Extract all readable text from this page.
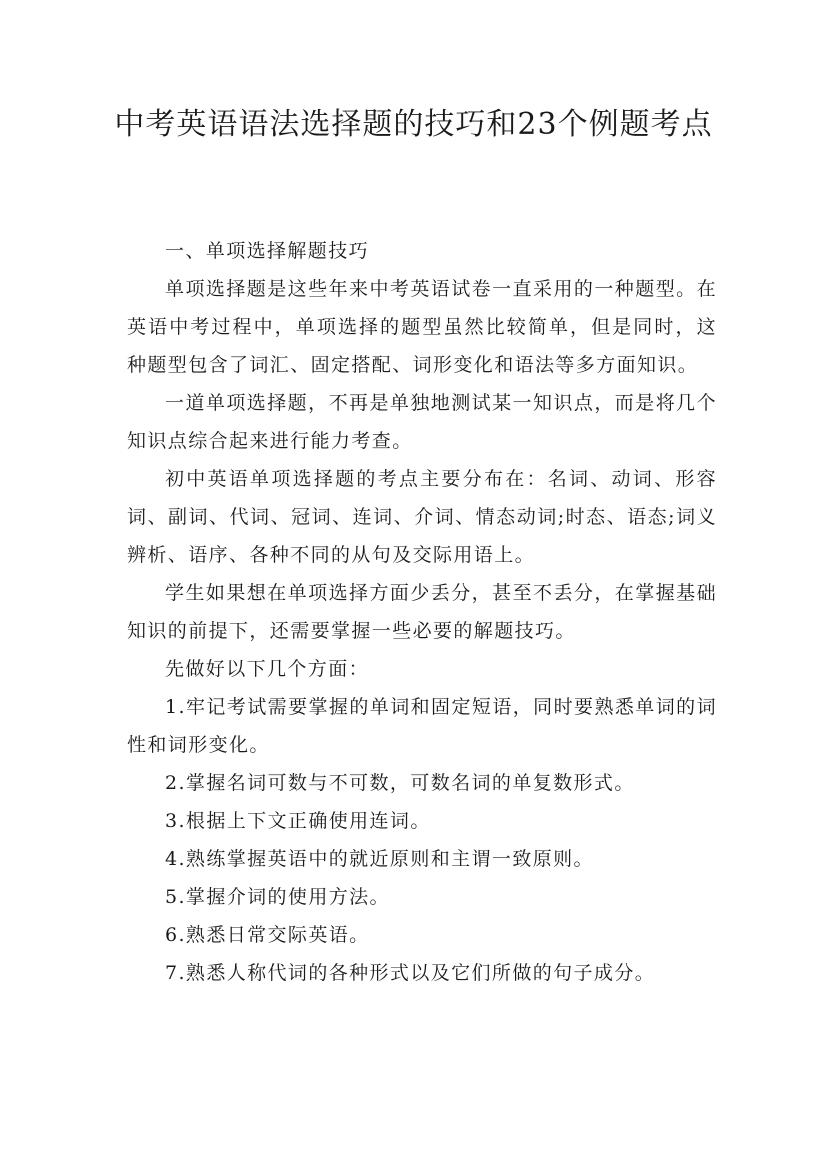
中考英语语法选择题的技巧和23个例题考点

一、单项选择解题技巧

单项选择题是这些年来中考英语试卷一直采用的一种题型。在英语中考过程中，单项选择的题型虽然比较简单，但是同时，这种题型包含了词汇、固定搭配、词形变化和语法等多方面知识。

一道单项选择题，不再是单独地测试某一知识点，而是将几个知识点综合起来进行能力考查。

初中英语单项选择题的考点主要分布在：名词、动词、形容词、副词、代词、冠词、连词、介词、情态动词;时态、语态;词义辨析、语序、各种不同的从句及交际用语上。

学生如果想在单项选择方面少丢分，甚至不丢分，在掌握基础知识的前提下，还需要掌握一些必要的解题技巧。

先做好以下几个方面：

1.牢记考试需要掌握的单词和固定短语，同时要熟悉单词的词性和词形变化。

2.掌握名词可数与不可数，可数名词的单复数形式。

3.根据上下文正确使用连词。

4.熟练掌握英语中的就近原则和主谓一致原则。

5.掌握介词的使用方法。

6.熟悉日常交际英语。

7.熟悉人称代词的各种形式以及它们所做的句子成分。
